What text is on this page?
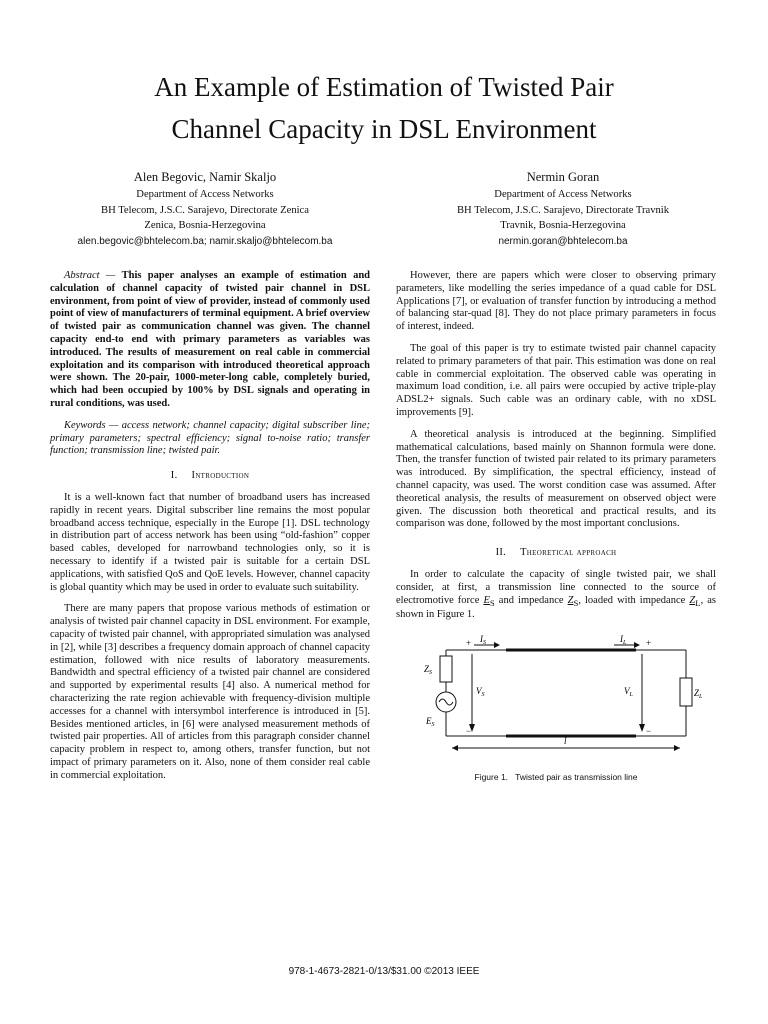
An Example of Estimation of Twisted Pair
Channel Capacity in DSL Environment
Alen Begovic, Namir Skaljo
Department of Access Networks
BH Telecom, J.S.C. Sarajevo, Directorate Zenica
Zenica, Bosnia-Herzegovina
alen.begovic@bhtelecom.ba; namir.skaljo@bhtelecom.ba
Nermin Goran
Department of Access Networks
BH Telecom, J.S.C. Sarajevo, Directorate Travnik
Travnik, Bosnia-Herzegovina
nermin.goran@bhtelecom.ba

Abstract — This paper analyses an example of estimation and calculation of channel capacity of twisted pair channel in DSL environment, from point of view of provider, instead of commonly used point of view of manufacturers of terminal equipment. A brief overview of twisted pair as communication channel was given. The channel capacity end-to end with primary parameters as variables was introduced. The results of measurement on real cable in commercial exploitation and its comparison with introduced theoretical approach were shown. The 20-pair, 1000-meter-long cable, completely buried, which had been occupied by 100% by DSL signals and operating in rural conditions, was used.

Keywords — access network; channel capacity; digital subscriber line; primary parameters; spectral efficiency; signal to-noise ratio; transfer function; transmission line; twisted pair.

I. Introduction

It is a well-known fact that number of broadband users has increased rapidly in recent years. Digital subscriber line remains the most popular broadband access technique, especially in the Europe [1]. DSL technology in distribution part of access network has been using “old-fashion” copper based cables, developed for narrowband technologies only, so it is necessary to identify if a twisted pair is suitable for a certain DSL applications, with satisfied QoS and QoE levels. However, channel capacity is global quantity which may be used in order to evaluate such suitability.

There are many papers that propose various methods of estimation or analysis of twisted pair channel capacity in DSL environment. For example, capacity of twisted pair channel, with appropriated simulation was analysed in [2], while [3] describes a frequency domain approach of channel capacity estimation, followed with nice results of laboratory measurements. Bandwidth and spectral efficiency of a twisted pair channel are considered and supported by experimental results [4] also. A numerical method for characterizing the rate region achievable with frequency-division multiple accesses for a channel with intersymbol interference is introduced in [5]. Besides mentioned articles, in [6] were analysed measurement methods of twisted pair properties. All of articles from this paragraph consider channel capacity problem in respect to, among others, transfer function, but not impact of primary parameters on it. Also, none of them consider real cable in commercial exploitation.

However, there are papers which were closer to observing primary parameters, like modelling the series impedance of a quad cable for DSL Applications [7], or evaluation of transfer function by introducing a method of balancing star-quad [8]. They do not place primary parameters in focus of interest, indeed.

The goal of this paper is try to estimate twisted pair channel capacity related to primary parameters of that pair. This estimation was done on real cable in commercial exploitation. The observed cable was operating in maximum load condition, i.e. all pairs were occupied by active triple-play ADSL2+ signals. Such cable was an ordinary cable, with no xDSL improvements [9].

A theoretical analysis is introduced at the beginning. Simplified mathematical calculations, based mainly on Shannon formula were done. Then, the transfer function of twisted pair related to its primary parameters was introduced. By simplification, the spectral efficiency, instead of channel capacity, was used. The worst condition case was assumed. After theoretical analysis, the results of measurement on observed object were given. The discussion both theoretical and practical results, and its comparison was done, followed by the most important conclusions.

II. Theoretical approach

In order to calculate the capacity of single twisted pair, we shall consider, at first, a transmission line connected to the source of electromotive force $E_S$ and impedance $Z_S$, loaded with impedance $Z_L$, as shown in Figure 1.

$I_S$	$I_L$
$Z_S$
$Z_L$
$V_S$	$V_L$
$E_S$
l
+	+
−	−
Figure 1. Twisted pair as transmission line
978-1-4673-2821-0/13/$31.00 ©2013 IEEE
